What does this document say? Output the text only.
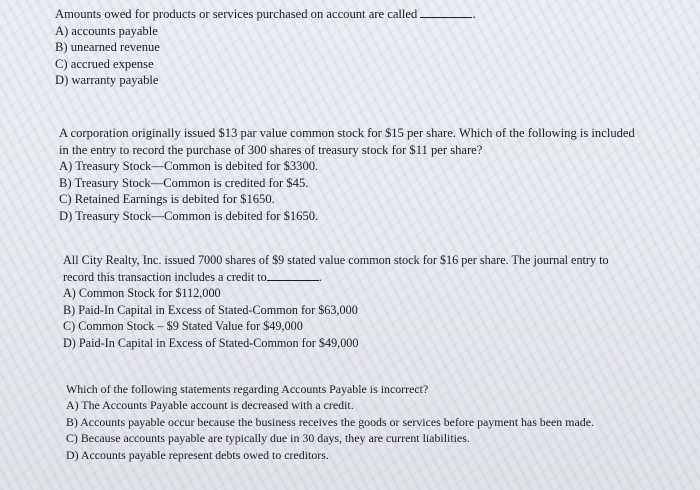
Amounts owed for products or services purchased on account are called	.

A) accounts payable

B) unearned revenue

C) accrued expense

D) warranty payable

A corporation originally issued $13 par value common stock for $15 per share. Which of the following is included in the entry to record the purchase of 300 shares of treasury stock for $11 per share?

A) Treasury Stock—Common is debited for $3300.

B) Treasury Stock—Common is credited for $45.

C) Retained Earnings is debited for $1650.

D) Treasury Stock—Common is debited for $1650.

All City Realty, Inc. issued 7000 shares of $9 stated value common stock for $16 per share. The journal entry to record this transaction includes a credit to	.

A) Common Stock for $112,000

B) Paid-In Capital in Excess of Stated-Common for $63,000

C) Common Stock – $9 Stated Value for $49,000

D) Paid-In Capital in Excess of Stated-Common for $49,000

Which of the following statements regarding Accounts Payable is incorrect?

A) The Accounts Payable account is decreased with a credit.

B) Accounts payable occur because the business receives the goods or services before payment has been made.

C) Because accounts payable are typically due in 30 days, they are current liabilities.

D) Accounts payable represent debts owed to creditors.
